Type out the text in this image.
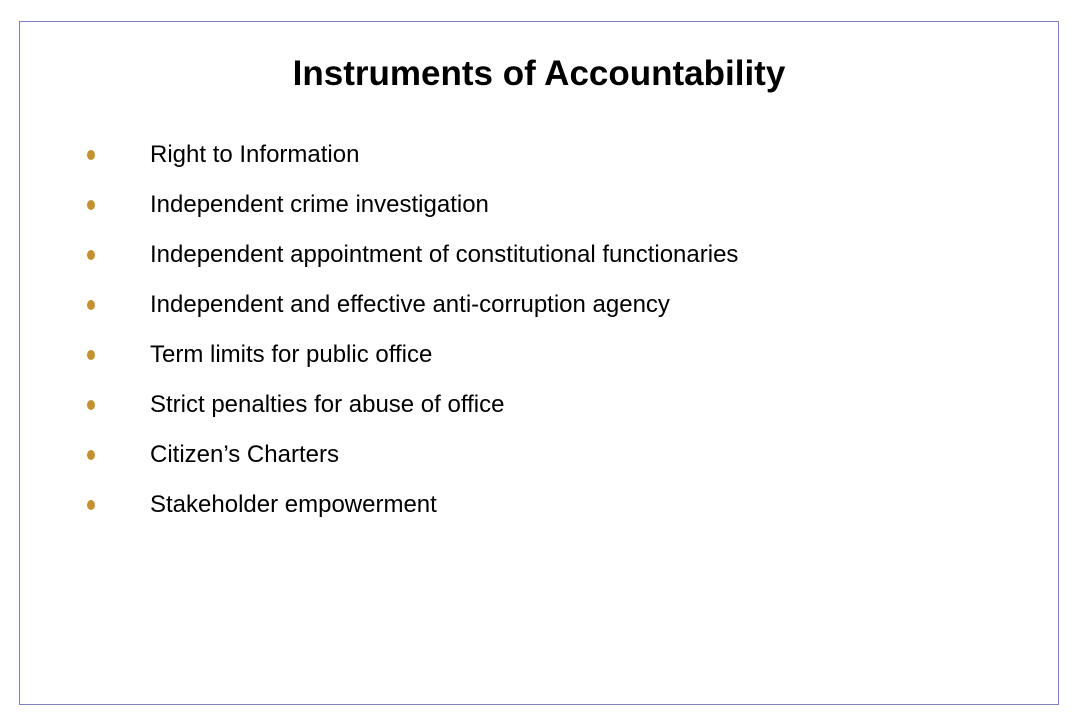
Instruments of Accountability
Right to Information
Independent crime investigation
Independent appointment of constitutional functionaries
Independent and effective anti-corruption agency
Term limits for public office
Strict penalties for abuse of office
Citizen’s Charters
Stakeholder empowerment
